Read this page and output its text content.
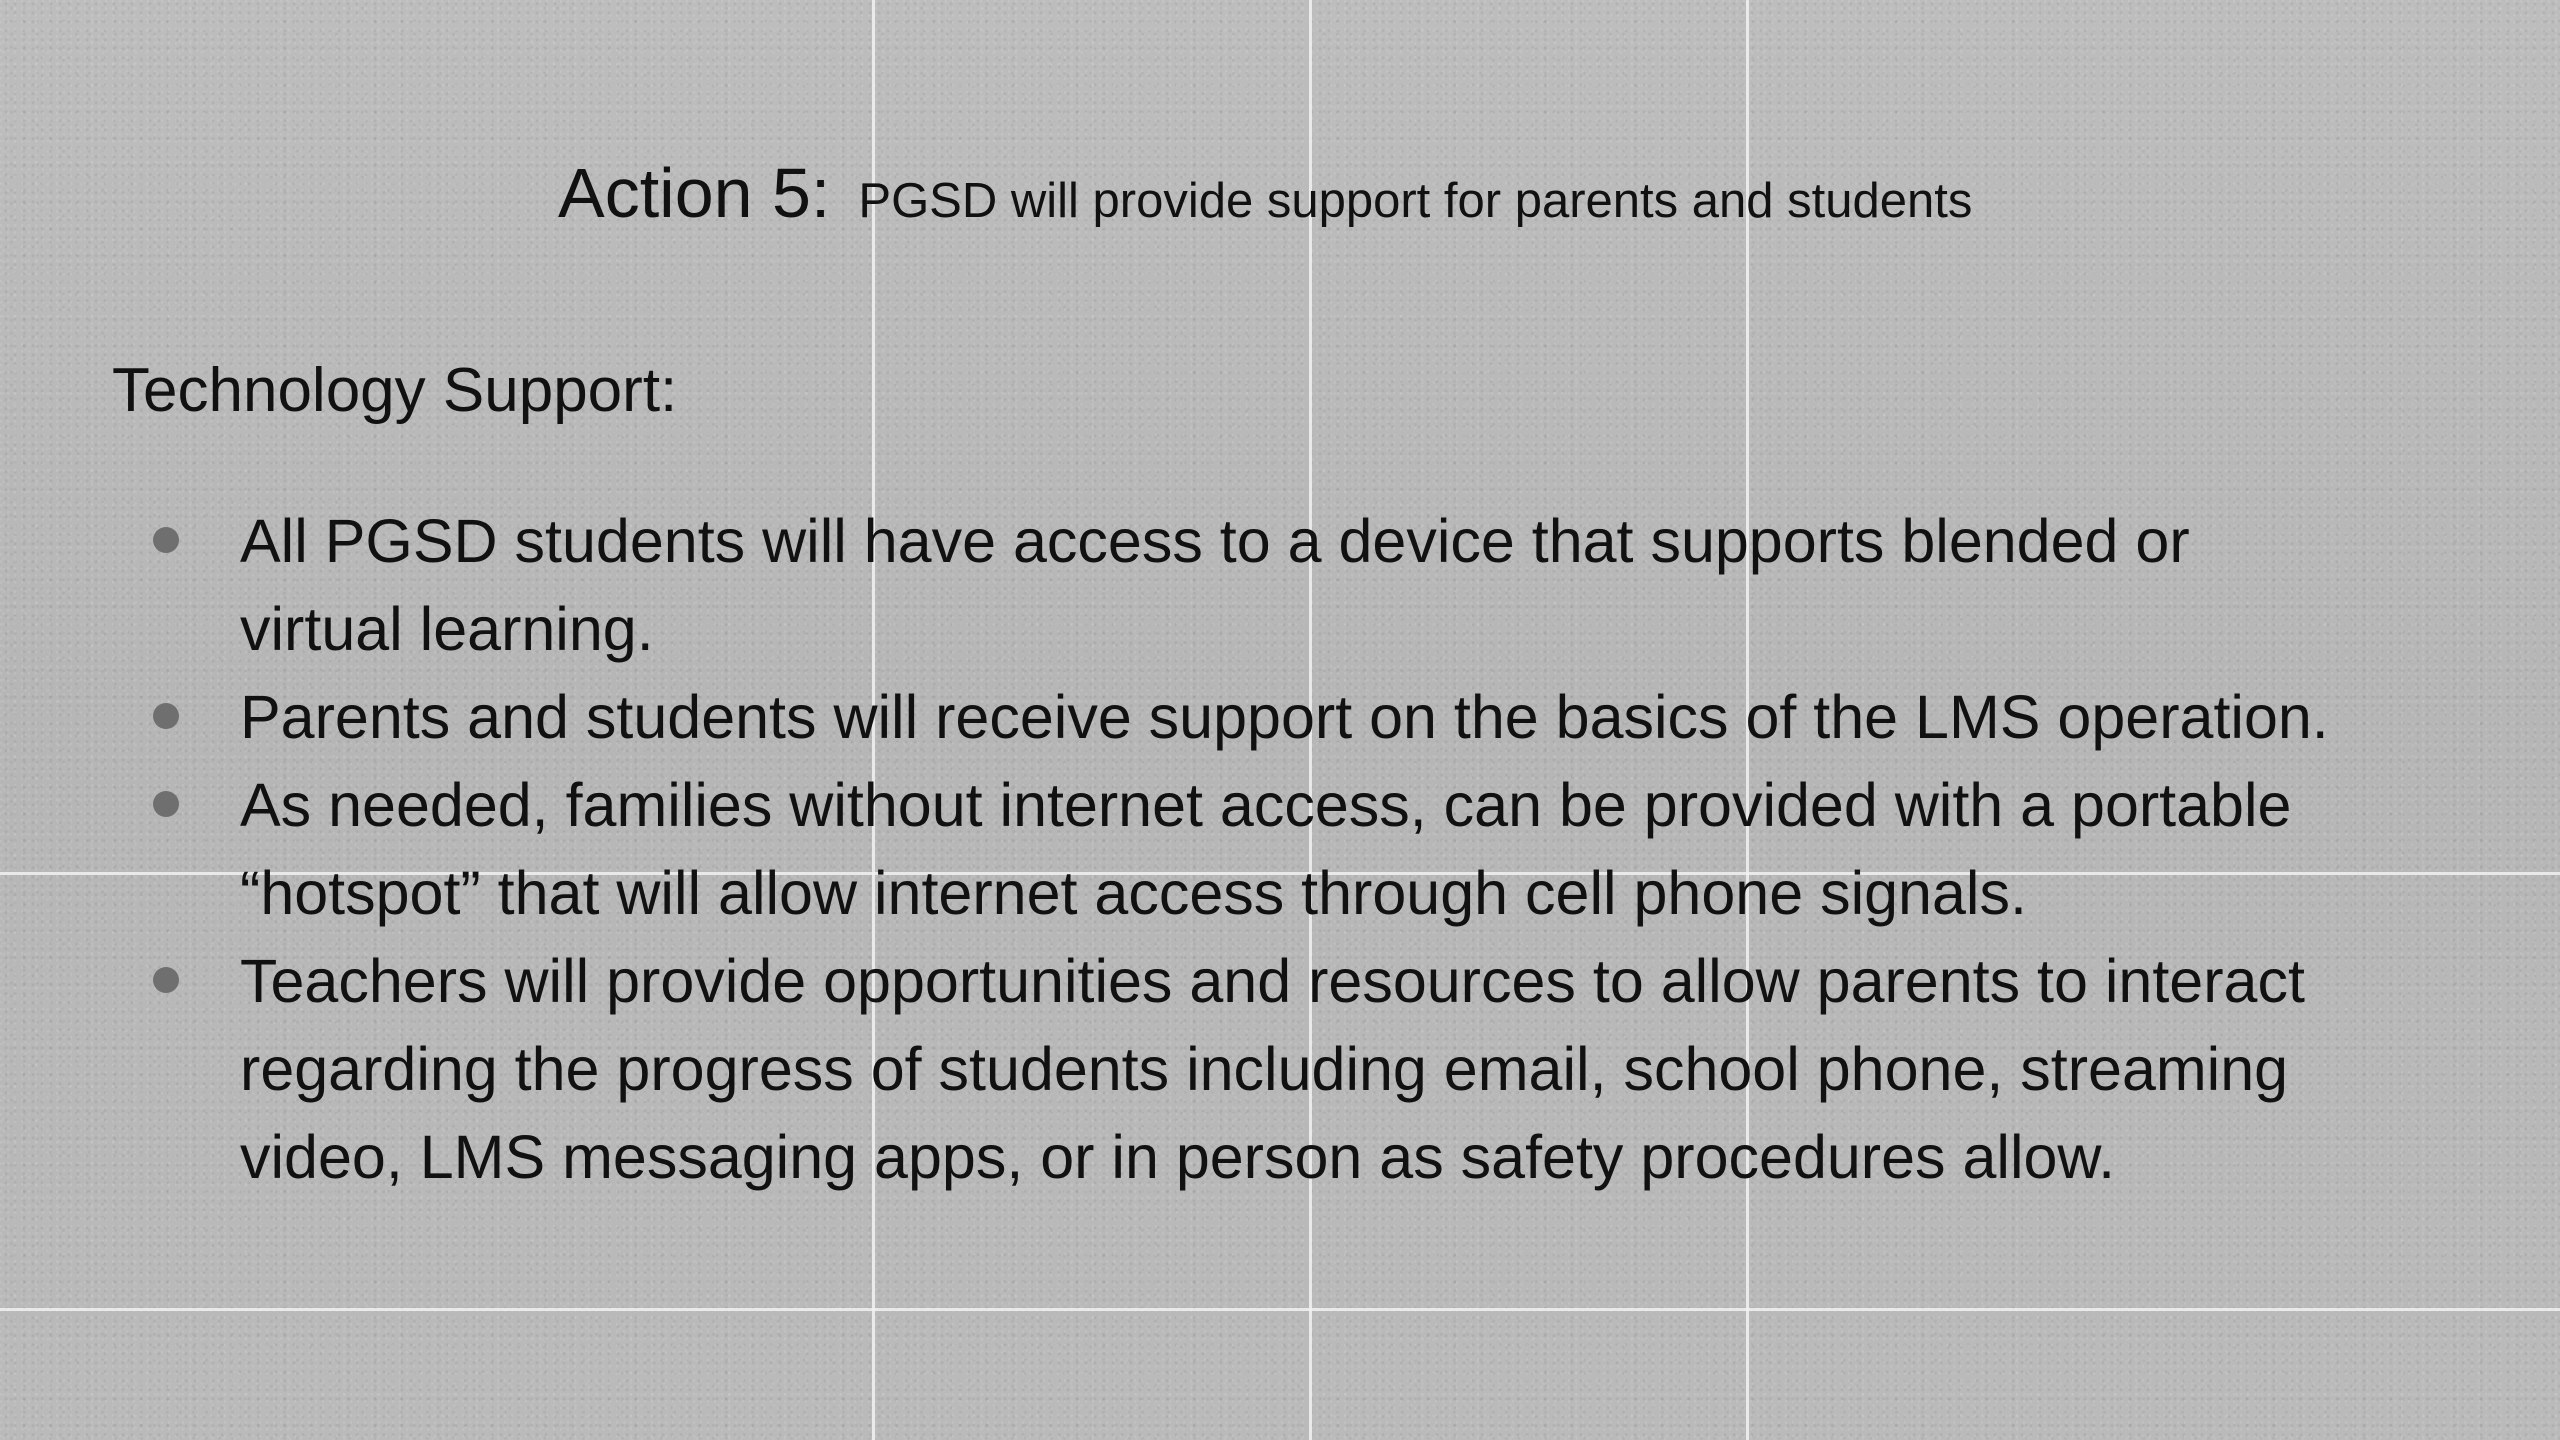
Action 5: PGSD will provide support for parents and students
Technology Support:
All PGSD students will have access to a device that supports blended or
virtual learning.
Parents and students will receive support on the basics of the LMS operation.
As needed, families without internet access, can be provided with a portable
“hotspot” that will allow internet access through cell phone signals.
Teachers will provide opportunities and resources to allow parents to interact
regarding the progress of students including email, school phone, streaming
video, LMS messaging apps, or in person as safety procedures allow.
